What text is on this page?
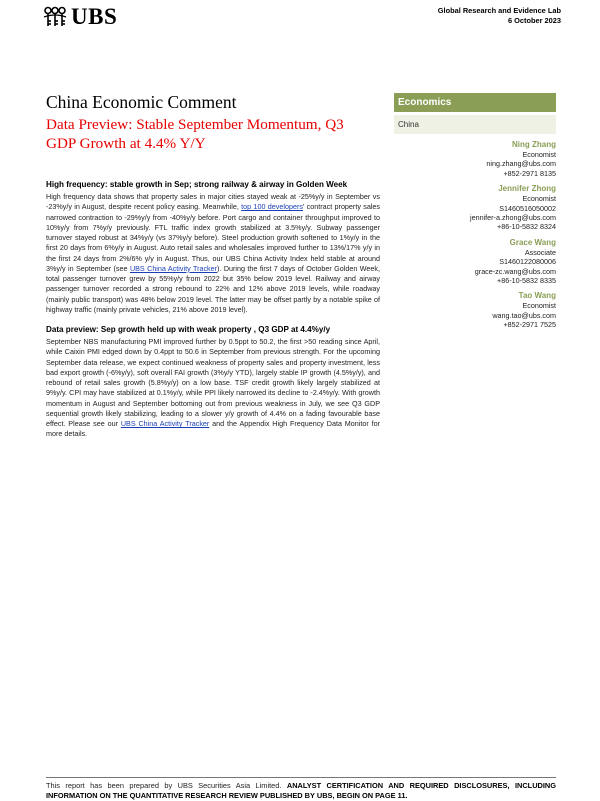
UBS	Global Research and Evidence Lab
6 October 2023
China Economic Comment
Data Preview: Stable September Momentum, Q3 GDP Growth at 4.4% Y/Y
Economics
China
Ning Zhang
Economist
ning.zhang@ubs.com
+852-2971 8135
Jennifer Zhong
Economist
S1460516050002
jennifer-a.zhong@ubs.com
+86-10-5832 8324
Grace Wang
Associate
S1460122080006
grace-zc.wang@ubs.com
+86-10-5832 8335
Tao Wang
Economist
wang.tao@ubs.com
+852-2971 7525
High frequency: stable growth in Sep; strong railway & airway in Golden Week

High frequency data shows that property sales in major cities stayed weak at -25%y/y in September vs -23%y/y in August, despite recent policy easing. Meanwhile, top 100 developers' contract property sales narrowed contraction to -29%y/y from -40%y/y before. Port cargo and container throughput improved to 10%y/y from 7%y/y previously. FTL traffic index growth stabilized at 3.5%y/y. Subway passenger turnover stayed robust at 34%y/y (vs 37%y/y before). Steel production growth softened to 1%y/y in the first 20 days from 6%y/y in August. Auto retail sales and wholesales improved further to 13%/17% y/y in the first 24 days from 2%/6% y/y in August. Thus, our UBS China Activity Index held stable at around 3%y/y in September (see UBS China Activity Tracker). During the first 7 days of October Golden Week, total passenger turnover grew by 55%y/y from 2022 but 35% below 2019 level. Railway and airway passenger turnover recorded a strong rebound to 22% and 12% above 2019 levels, while roadway (mainly public transport) was 48% below 2019 level. The latter may be offset partly by a notable spike of highway traffic (mainly private vehicles, 21% above 2019 level).

Data preview: Sep growth held up with weak property , Q3 GDP at 4.4%y/y

September NBS manufacturing PMI improved further by 0.5ppt to 50.2, the first >50 reading since April, while Caixin PMI edged down by 0.4ppt to 50.6 in September from previous strength. For the upcoming September data release, we expect continued weakness of property sales and property investment, less bad export growth (-6%y/y), soft overall FAI growth (3%y/y YTD), largely stable IP growth (4.5%y/y), and rebound of retail sales growth (5.8%y/y) on a low base. TSF credit growth likely largely stabilized at 9%y/y. CPI may have stabilized at 0.1%y/y, while PPI likely narrowed its decline to -2.4%y/y. With growth momentum in August and September bottoming out from previous weakness in July, we see Q3 GDP sequential growth likely stabilizing, leading to a slower y/y growth of 4.4% on a fading favourable base effect. Please see our UBS China Activity Tracker and the Appendix High Frequency Data Monitor for more details.

This report has been prepared by UBS Securities Asia Limited. ANALYST CERTIFICATION AND REQUIRED DISCLOSURES, INCLUDING INFORMATION ON THE QUANTITATIVE RESEARCH REVIEW PUBLISHED BY UBS, BEGIN ON PAGE 11.
